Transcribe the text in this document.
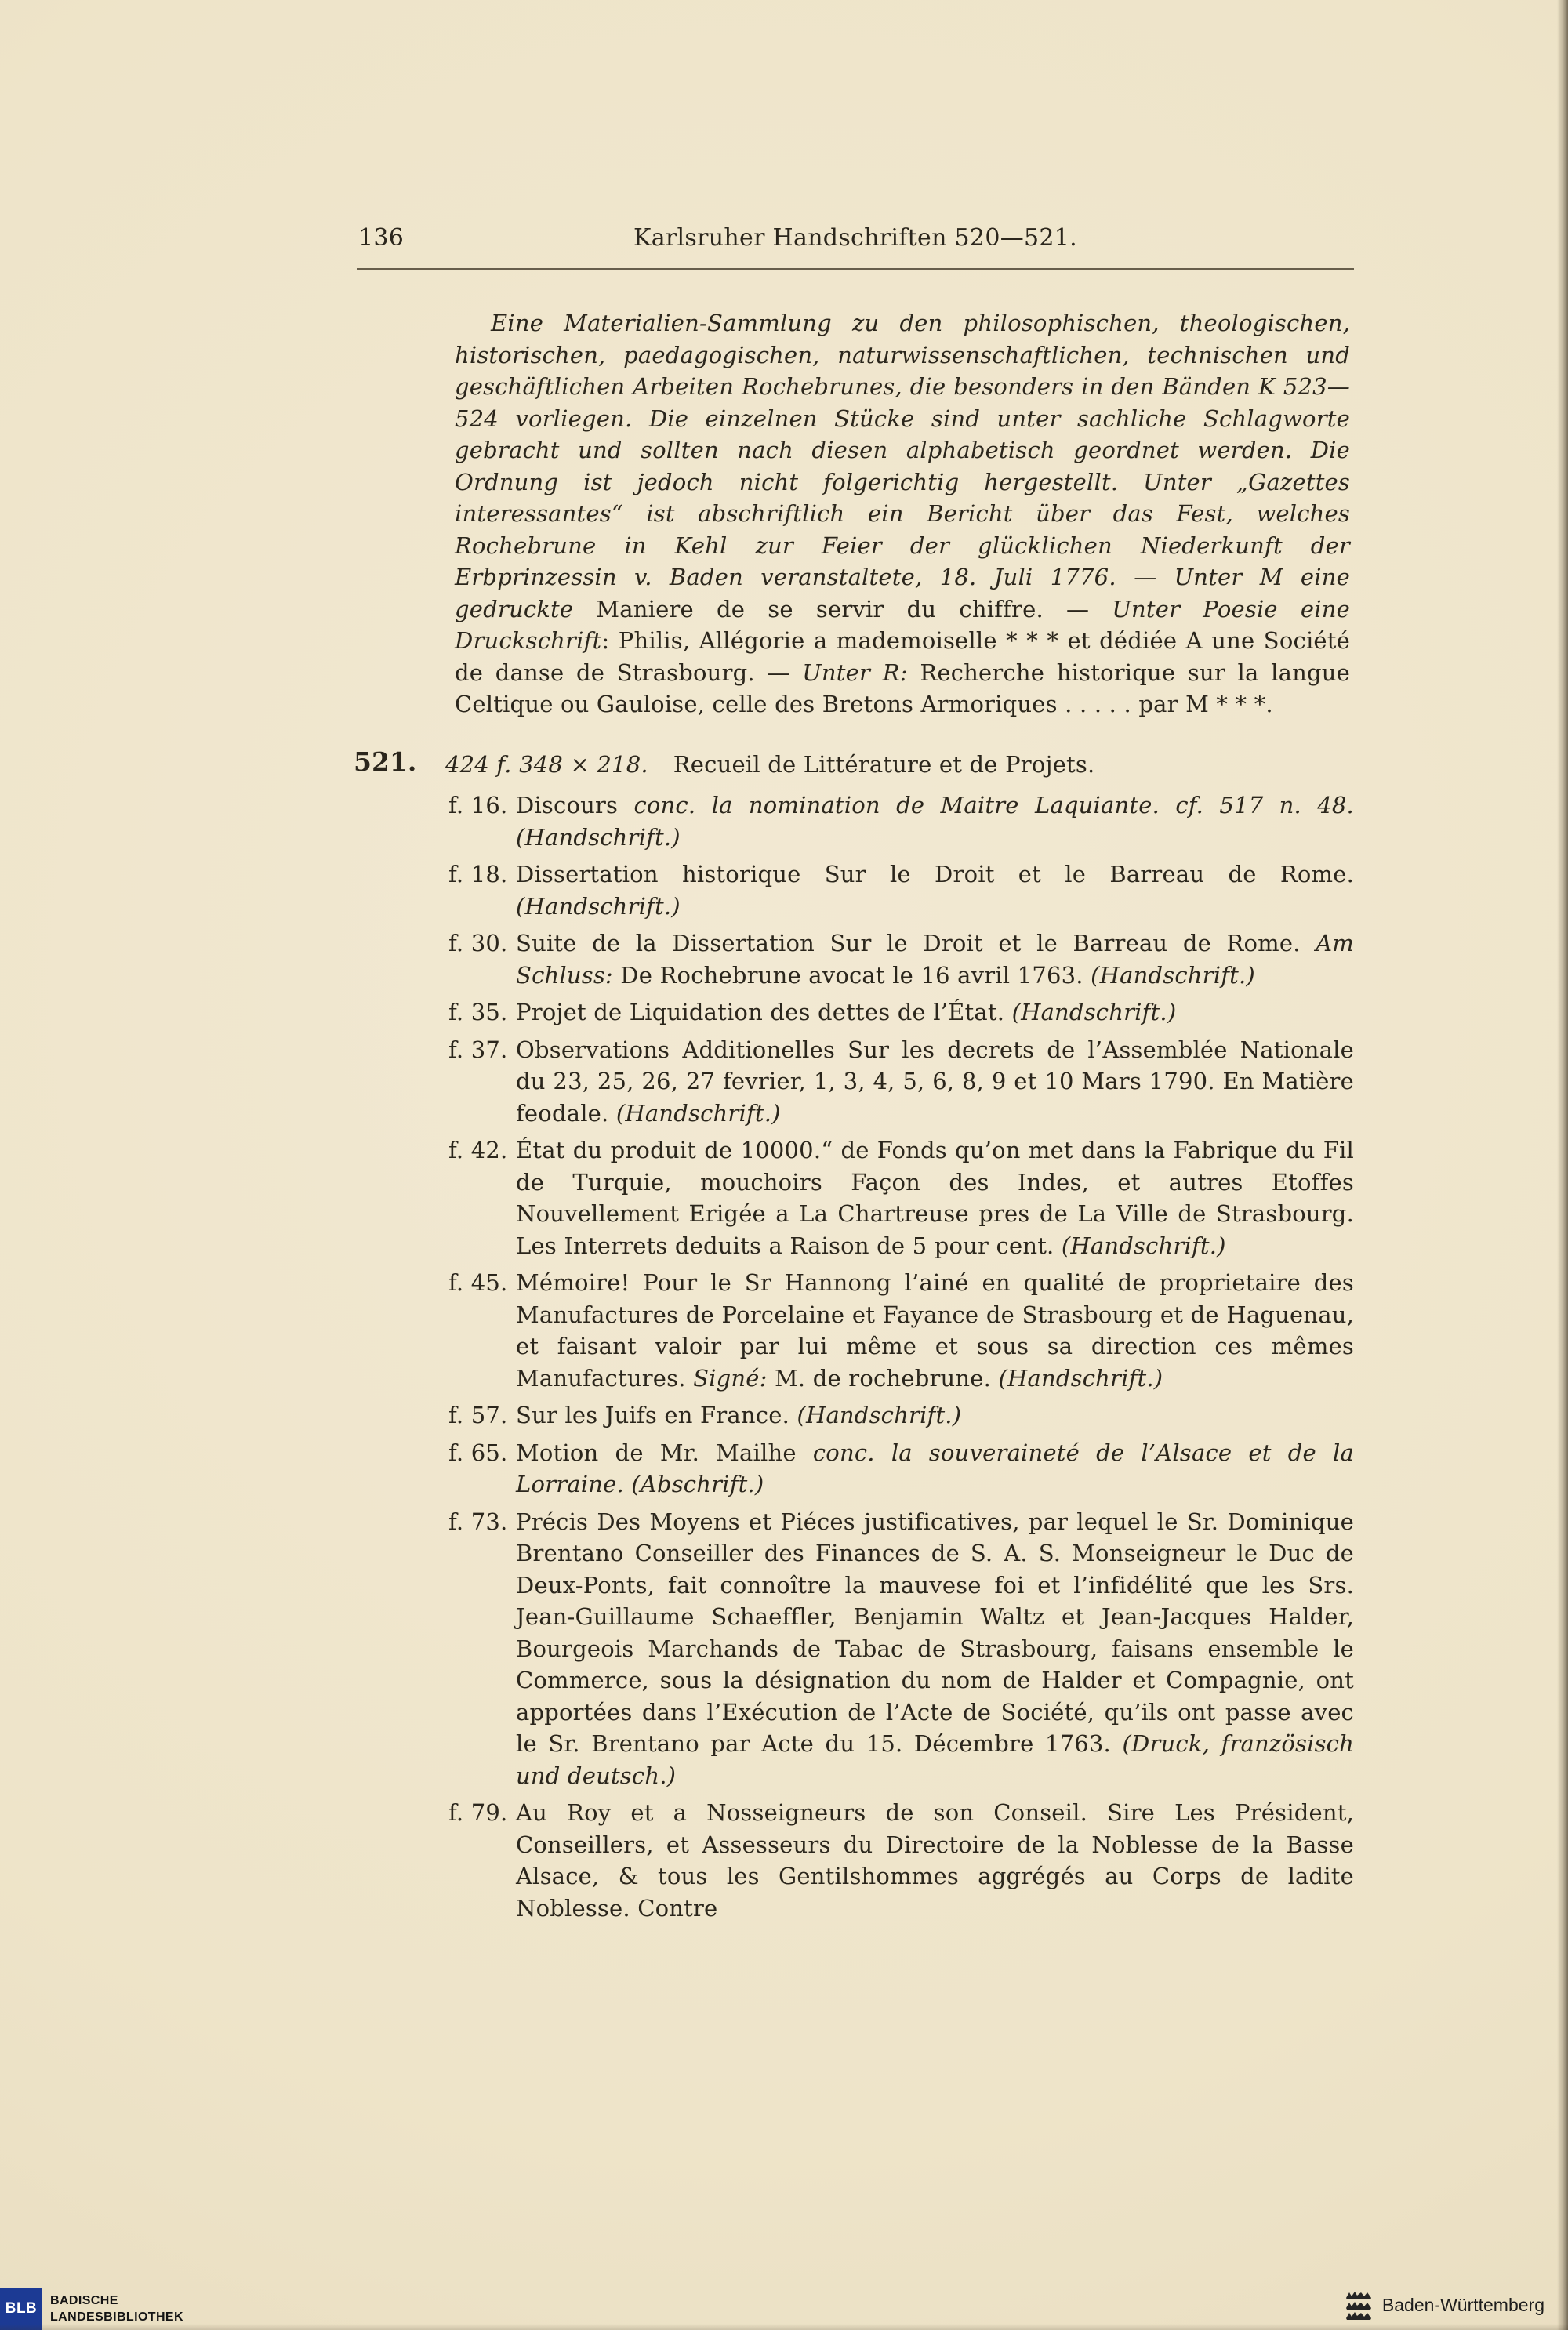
136	Karlsruher Handschriften 520—521.
Eine Materialien-Sammlung zu den philosophischen, theologischen, historischen, paedagogischen, naturwissenschaftlichen, technischen und geschäftlichen Arbeiten Rochebrunes, die besonders in den Bänden K 523—524 vorliegen. Die einzelnen Stücke sind unter sachliche Schlagworte gebracht und sollten nach diesen alphabetisch geordnet werden. Die Ordnung ist jedoch nicht folgerichtig hergestellt. Unter „Gazettes interessantes“ ist abschriftlich ein Bericht über das Fest, welches Rochebrune in Kehl zur Feier der glücklichen Niederkunft der Erbprinzessin v. Baden veranstaltete, 18. Juli 1776. — Unter M eine gedruckte Maniere de se servir du chiffre. — Unter Poesie eine Druckschrift: Philis, Allégorie a mademoiselle * * * et dédiée A une Société de danse de Strasbourg. — Unter R: Recherche historique sur la langue Celtique ou Gauloise, celle des Bretons Armoriques . . . . . par M * * *.
521. 424 f. 348 × 218. Recueil de Littérature et de Projets.

f. 16. Discours conc. la nomination de Maitre Laquiante. cf. 517 n. 48. (Handschrift.)
f. 18. Dissertation historique Sur le Droit et le Barreau de Rome. (Handschrift.)
f. 30. Suite de la Dissertation Sur le Droit et le Barreau de Rome. Am Schluss: De Rochebrune avocat le 16 avril 1763. (Handschrift.)
f. 35. Projet de Liquidation des dettes de l’État. (Handschrift.)
f. 37. Observations Additionelles Sur les decrets de l’Assemblée Nationale du 23, 25, 26, 27 fevrier, 1, 3, 4, 5, 6, 8, 9 et 10 Mars 1790. En Matière feodale. (Handschrift.)
f. 42. État du produit de 10000.“ de Fonds qu’on met dans la Fabrique du Fil de Turquie, mouchoirs Façon des Indes, et autres Etoffes Nouvellement Erigée a La Chartreuse pres de La Ville de Strasbourg. Les Interrets deduits a Raison de 5 pour cent. (Handschrift.)
f. 45. Mémoire! Pour le Sr Hannong l’ainé en qualité de proprietaire des Manufactures de Porcelaine et Fayance de Strasbourg et de Haguenau, et faisant valoir par lui même et sous sa direction ces mêmes Manufactures. Signé: M. de rochebrune. (Handschrift.)
f. 57. Sur les Juifs en France. (Handschrift.)
f. 65. Motion de Mr. Mailhe conc. la souveraineté de l’Alsace et de la Lorraine. (Abschrift.)
f. 73. Précis Des Moyens et Piéces justificatives, par lequel le Sr. Dominique Brentano Conseiller des Finances de S. A. S. Monseigneur le Duc de Deux-Ponts, fait connoître la mauvese foi et l’infidélité que les Srs. Jean-Guillaume Schaeffler, Benjamin Waltz et Jean-Jacques Halder, Bourgeois Marchands de Tabac de Strasbourg, faisans ensemble le Commerce, sous la désignation du nom de Halder et Compagnie, ont apportées dans l’Exécution de l’Acte de Société, qu’ils ont passe avec le Sr. Brentano par Acte du 15. Décembre 1763. (Druck, französisch und deutsch.)
f. 79. Au Roy et a Nosseigneurs de son Conseil. Sire Les Président, Conseillers, et Assesseurs du Directoire de la Noblesse de la Basse Alsace, & tous les Gentilshommes aggrégés au Corps de ladite Noblesse. Contre
BLB BADISCHE
LANDESBIBLIOTHEK
Baden-Württemberg
